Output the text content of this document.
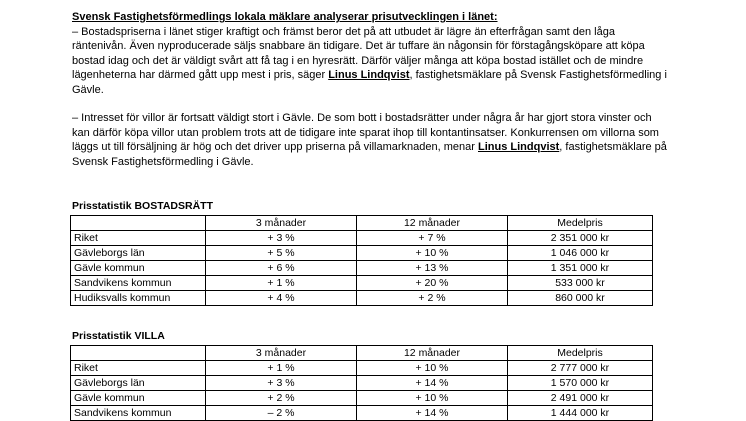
Svensk Fastighetsförmedlings lokala mäklare analyserar prisutvecklingen i länet:

– Bostadspriserna i länet stiger kraftigt och främst beror det på att utbudet är lägre än efterfrågan samt den låga räntenivån. Även nyproducerade säljs snabbare än tidigare. Det är tuffare än någonsin för förstagångsköpare att köpa bostad idag och det är väldigt svårt att få tag i en hyresrätt. Därför väljer många att köpa bostad istället och de mindre lägenheterna har därmed gått upp mest i pris, säger Linus Lindqvist, fastighetsmäklare på Svensk Fastighetsförmedling i Gävle.

– Intresset för villor är fortsatt väldigt stort i Gävle. De som bott i bostadsrätter under några år har gjort stora vinster och kan därför köpa villor utan problem trots att de tidigare inte sparat ihop till kontantinsatser. Konkurrensen om villorna som läggs ut till försäljning är hög och det driver upp priserna på villamarknaden, menar Linus Lindqvist, fastighetsmäklare på Svensk Fastighetsförmedling i Gävle.

Prisstatistik BOSTADSRÄTT

	3 månader	12 månader	Medelpris
Riket	+ 3 %	+ 7 %	2 351 000 kr
Gävleborgs län	+ 5 %	+ 10 %	1 046 000 kr
Gävle kommun	+ 6 %	+ 13 %	1 351 000 kr
Sandvikens kommun	+ 1 %	+ 20 %	533 000 kr
Hudiksvalls kommun	+ 4 %	+ 2 %	860 000 kr

Prisstatistik VILLA

	3 månader	12 månader	Medelpris
Riket	+ 1 %	+ 10 %	2 777 000 kr
Gävleborgs län	+ 3 %	+ 14 %	1 570 000 kr
Gävle kommun	+ 2 %	+ 10 %	2 491 000 kr
Sandvikens kommun	– 2 %	+ 14 %	1 444 000 kr
